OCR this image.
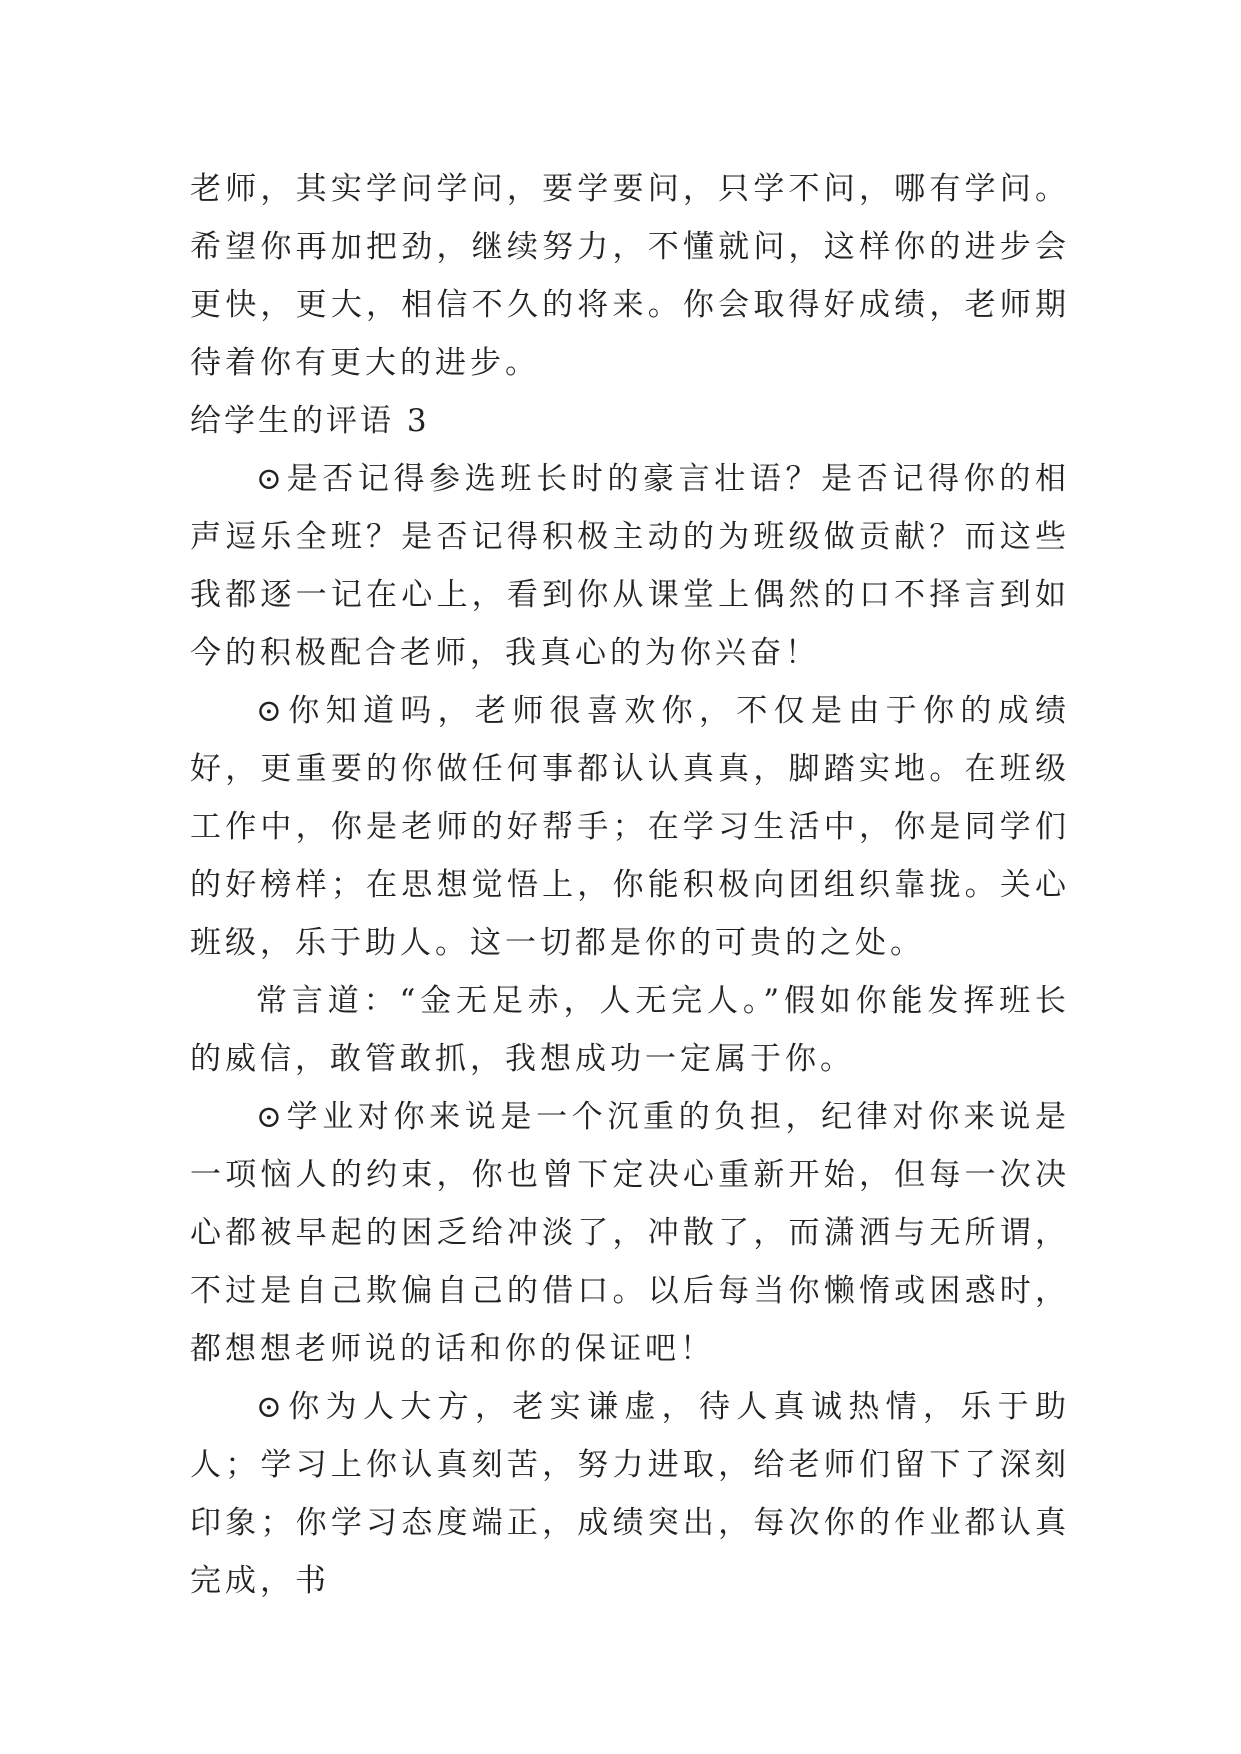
老师，其实学问学问，要学要问，只学不问，哪有学问。希望你再加把劲，继续努力，不懂就问，这样你的进步会更快，更大，相信不久的将来。你会取得好成绩，老师期待着你有更大的进步。

给学生的评语 3

⊙是否记得参选班长时的豪言壮语？是否记得你的相声逗乐全班？是否记得积极主动的为班级做贡献？而这些我都逐一记在心上，看到你从课堂上偶然的口不择言到如今的积极配合老师，我真心的为你兴奋！

⊙你知道吗，老师很喜欢你，不仅是由于你的成绩好，更重要的你做任何事都认认真真，脚踏实地。在班级工作中，你是老师的好帮手；在学习生活中，你是同学们的好榜样；在思想觉悟上，你能积极向团组织靠拢。关心班级，乐于助人。这一切都是你的可贵的之处。

常言道：“金无足赤，人无完人。”假如你能发挥班长的威信，敢管敢抓，我想成功一定属于你。

⊙学业对你来说是一个沉重的负担，纪律对你来说是一项恼人的约束，你也曾下定决心重新开始，但每一次决心都被早起的困乏给冲淡了，冲散了，而潇洒与无所谓，不过是自己欺偏自己的借口。以后每当你懒惰或困惑时，都想想老师说的话和你的保证吧！

⊙你为人大方，老实谦虚，待人真诚热情，乐于助人；学习上你认真刻苦，努力进取，给老师们留下了深刻印象；你学习态度端正，成绩突出，每次你的作业都认真完成，书
